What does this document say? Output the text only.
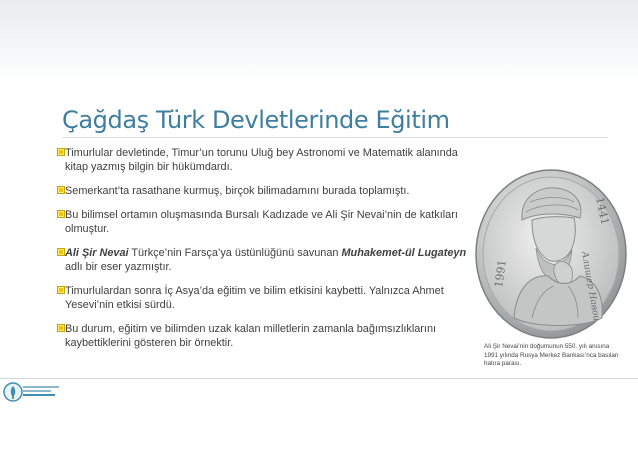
Çağdaş Türk Devletlerinde Eğitim
Timurlular devletinde, Timur’un torunu Uluğ bey Astronomi ve Matematik alanında kitap yazmış bilgin bir hükümdardı.
Semerkant’ta rasathane kurmuş, birçok bilimadamını burada toplamıştı.
Bu bilimsel ortamın oluşmasında Bursalı Kadızade ve Ali Şir Nevai’nin de katkıları olmuştur.
Ali Şir Nevai Türkçe’nin Farsça’ya üstünlüğünü savunan Muhakemet-ül Lugateyn adlı bir eser yazmıştır.
Timurlulardan sonra İç Asya’da eğitim ve bilim etkisini kaybetti. Yalnızca Ahmet Yesevi’nin etkisi sürdü.
Bu durum, eğitim ve bilimden uzak kalan milletlerin zamanla bağımsızlıklarını kaybettiklerini gösteren bir örnektir.
1991
1441
Алишер Навои

Ali Şir Nevai’nin doğumunun 550. yılı anısına 1991 yılında Rusya Merkez Bankası’nca basılan hatıra parası.
